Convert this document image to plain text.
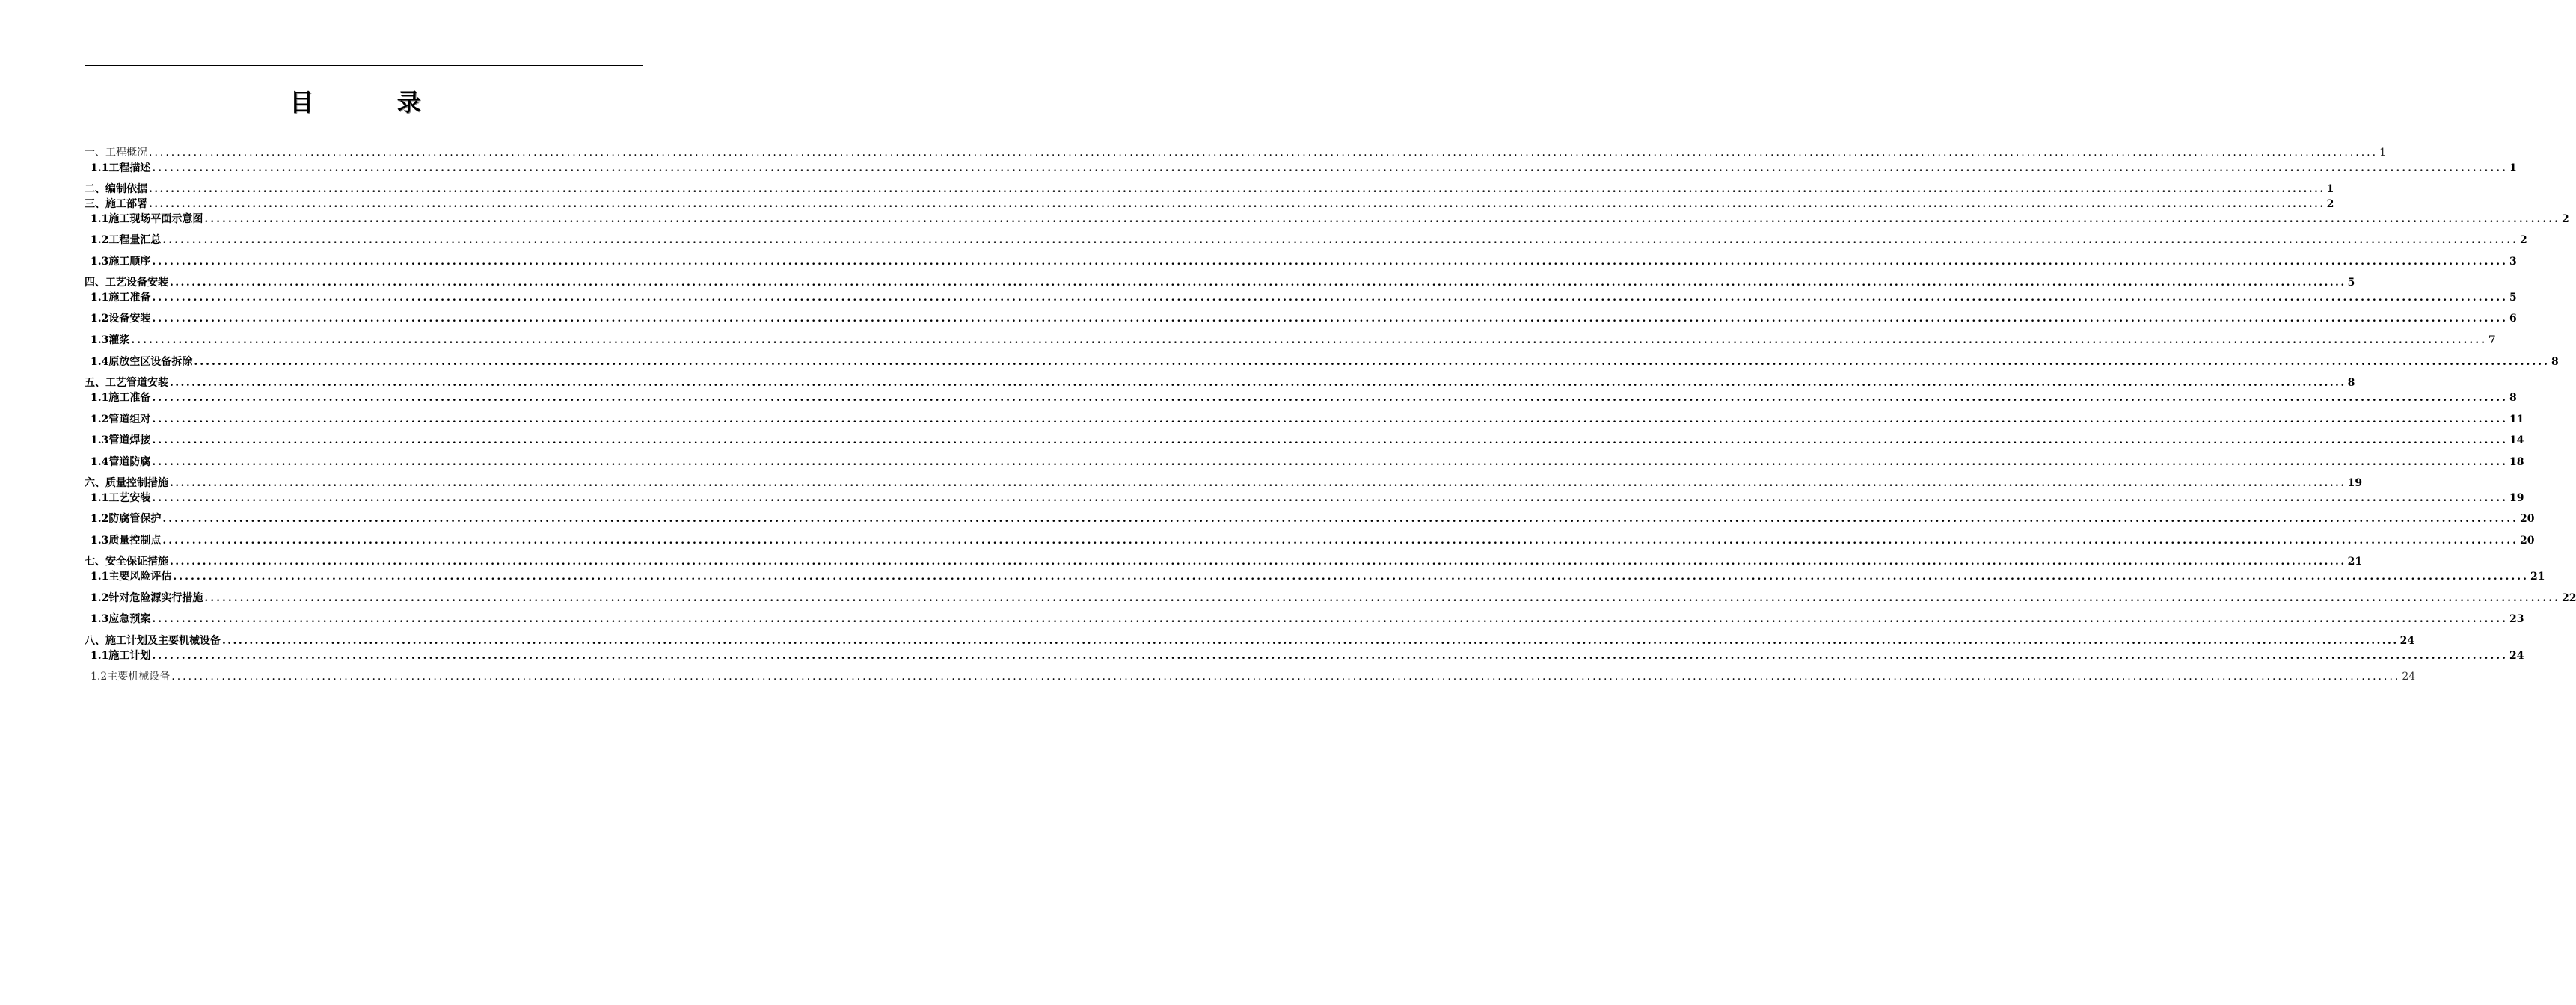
目 录
一、工程概况 ................................................................................................................................................................................................................................................................................................................................................................................................................ 1
1.1工程描述 ................................................................................................................................................................................................................................................................................................................................................................................................................ 1
二、编制依据 ................................................................................................................................................................................................................................................................................................................................................................................................................ 1
三、施工部署 ................................................................................................................................................................................................................................................................................................................................................................................................................ 2
1.1施工现场平面示意图 ................................................................................................................................................................................................................................................................................................................................................................................................................ 2
1.2工程量汇总 ................................................................................................................................................................................................................................................................................................................................................................................................................ 2
1.3施工顺序 ................................................................................................................................................................................................................................................................................................................................................................................................................ 3
四、工艺设备安装 ................................................................................................................................................................................................................................................................................................................................................................................................................ 5
1.1施工准备 ................................................................................................................................................................................................................................................................................................................................................................................................................ 5
1.2设备安装 ................................................................................................................................................................................................................................................................................................................................................................................................................ 6
1.3灌浆 ................................................................................................................................................................................................................................................................................................................................................................................................................ 7
1.4原放空区设备拆除 ................................................................................................................................................................................................................................................................................................................................................................................................................ 8
五、工艺管道安装 ................................................................................................................................................................................................................................................................................................................................................................................................................ 8
1.1施工准备 ................................................................................................................................................................................................................................................................................................................................................................................................................ 8
1.2管道组对 ................................................................................................................................................................................................................................................................................................................................................................................................................ 11
1.3管道焊接 ................................................................................................................................................................................................................................................................................................................................................................................................................ 14
1.4管道防腐 ................................................................................................................................................................................................................................................................................................................................................................................................................ 18
六、质量控制措施 ................................................................................................................................................................................................................................................................................................................................................................................................................ 19
1.1工艺安装 ................................................................................................................................................................................................................................................................................................................................................................................................................ 19
1.2防腐管保护 ................................................................................................................................................................................................................................................................................................................................................................................................................ 20
1.3质量控制点 ................................................................................................................................................................................................................................................................................................................................................................................................................ 20
七、安全保证措施 ................................................................................................................................................................................................................................................................................................................................................................................................................ 21
1.1主要风险评估 ................................................................................................................................................................................................................................................................................................................................................................................................................ 21
1.2针对危险源实行措施 ................................................................................................................................................................................................................................................................................................................................................................................................................ 22
1.3应急预案 ................................................................................................................................................................................................................................................................................................................................................................................................................ 23
八、施工计划及主要机械设备 ................................................................................................................................................................................................................................................................................................................................................................................................................ 24
1.1施工计划 ................................................................................................................................................................................................................................................................................................................................................................................................................ 24
1.2主要机械设备 ................................................................................................................................................................................................................................................................................................................................................................................................................ 24
